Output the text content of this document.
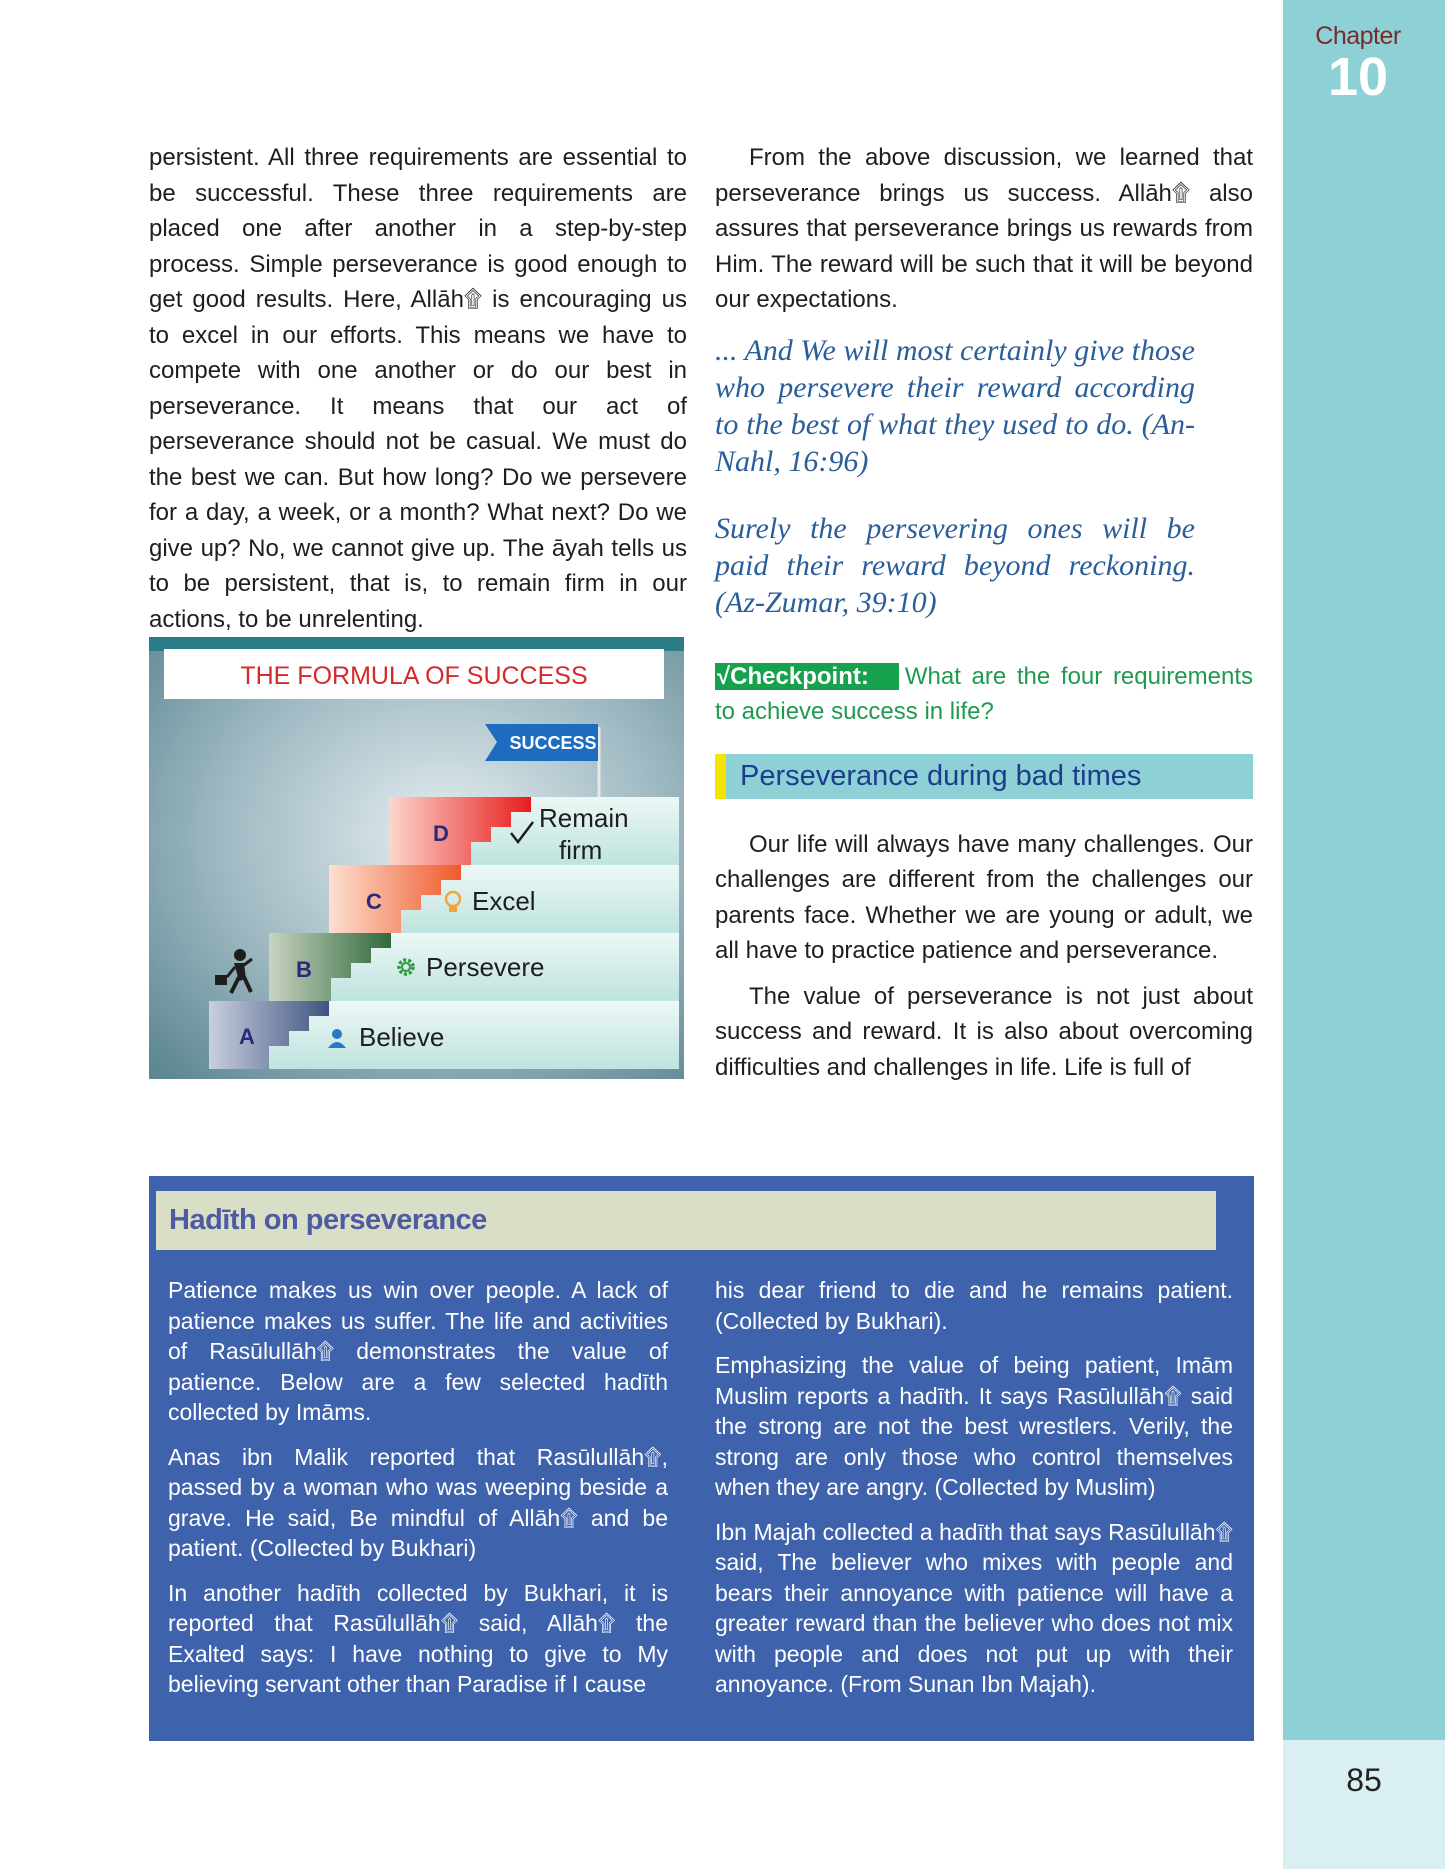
Chapter
10
85

persistent. All three requirements are essential to be successful. These three requirements are placed one after another in a step-by-step process. Simple perseverance is good enough to get good results. Here, Allāh۩ is encouraging us to excel in our efforts. This means we have to compete with one another or do our best in perseverance. It means that our act of perseverance should not be casual. We must do the best we can. But how long? Do we persevere for a day, a week, or a month? What next? Do we give up? No, we cannot give up. The āyah tells us to be persistent, that is, to remain firm in our actions, to be unrelenting.

THE FORMULA OF SUCCESS
SUCCESS
D
Remain
firm
C	Excel
B	Persevere
A	Believe

From the above discussion, we learned that perseverance brings us success. Allāh۩ also assures that perseverance brings us rewards from Him. The reward will be such that it will be beyond our expectations.

... And We will most certainly give those who persevere their reward according to the best of what they used to do. (An-Nahl, 16:96)

Surely the persevering ones will be paid their reward beyond reckoning. (Az-Zumar, 39:10)

√Checkpoint: What are the four requirements to achieve success in life?
Perseverance during bad times

Our life will always have many challenges. Our challenges are different from the challenges our parents face. Whether we are young or adult, we all have to practice patience and perseverance.

The value of perseverance is not just about success and reward. It is also about overcoming difficulties and challenges in life. Life is full of

Hadīth on perseverance

Patience makes us win over people. A lack of patience makes us suffer. The life and activities of Rasūlullāh۩ demonstrates the value of patience. Below are a few selected hadīth collected by Imāms.

Anas ibn Malik reported that Rasūlullāh۩, passed by a woman who was weeping beside a grave. He said, Be mindful of Allāh۩ and be patient. (Collected by Bukhari)

In another hadīth collected by Bukhari, it is reported that Rasūlullāh۩ said, Allāh۩ the Exalted says: I have nothing to give to My believing servant other than Paradise if I cause

his dear friend to die and he remains patient. (Collected by Bukhari).

Emphasizing the value of being patient, Imām Muslim reports a hadīth. It says Rasūlullāh۩ said the strong are not the best wrestlers. Verily, the strong are only those who control themselves when they are angry. (Collected by Muslim)

Ibn Majah collected a hadīth that says Rasūlullāh۩ said, The believer who mixes with people and bears their annoyance with patience will have a greater reward than the believer who does not mix with people and does not put up with their annoyance. (From Sunan Ibn Majah).
